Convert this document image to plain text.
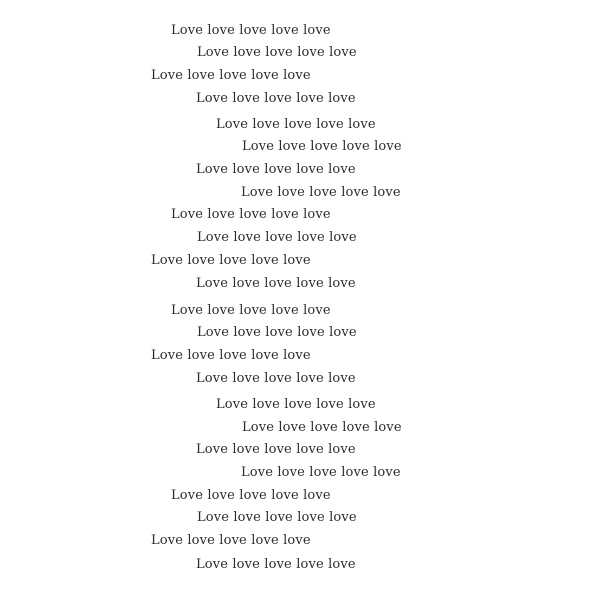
Love love love love love

Love love love love love

Love love love love love

Love love love love love

Love love love love love

Love love love love love

Love love love love love

Love love love love love

Love love love love love

Love love love love love

Love love love love love

Love love love love love

Love love love love love

Love love love love love

Love love love love love

Love love love love love

Love love love love love

Love love love love love

Love love love love love

Love love love love love

Love love love love love

Love love love love love

Love love love love love

Love love love love love
